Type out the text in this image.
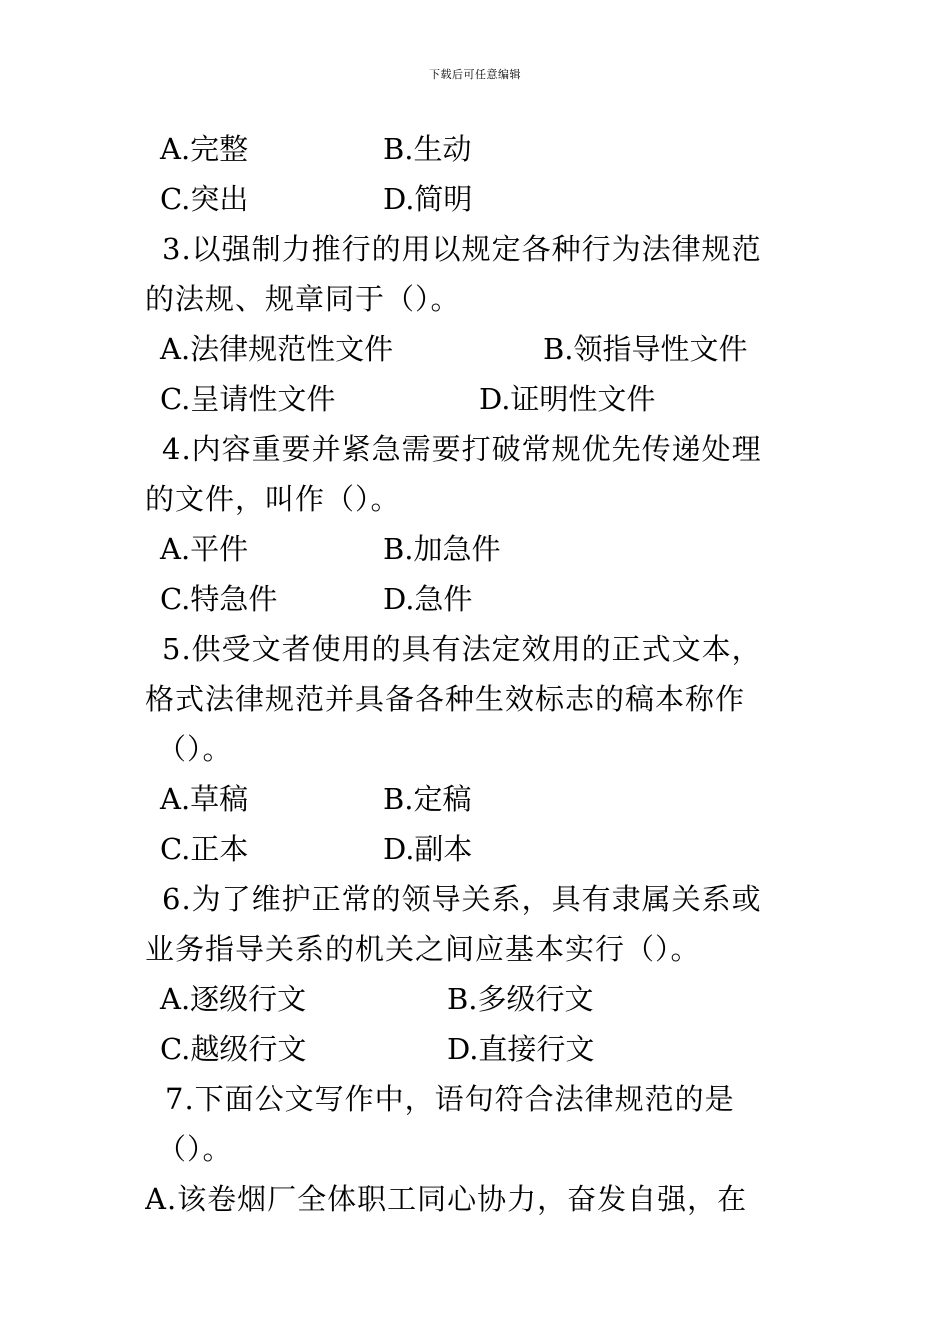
下载后可任意编辑
A.完整	B.生动
C.突出	D.简明
3.以强制力推行的用以规定各种行为法律规范
的法规、规章同于（）。
A.法律规范性文件	B.领指导性文件
C.呈请性文件	D.证明性文件
4.内容重要并紧急需要打破常规优先传递处理
的文件，叫作（）。
A.平件	B.加急件
C.特急件	D.急件
5.供受文者使用的具有法定效用的正式文本，
格式法律规范并具备各种生效标志的稿本称作
（）。
A.草稿	B.定稿
C.正本	D.副本
6.为了维护正常的领导关系，具有隶属关系或
业务指导关系的机关之间应基本实行（）。
A.逐级行文	B.多级行文
C.越级行文	D.直接行文
7.下面公文写作中，语句符合法律规范的是
（）。
A.该卷烟厂全体职工同心协力，奋发自强，在
